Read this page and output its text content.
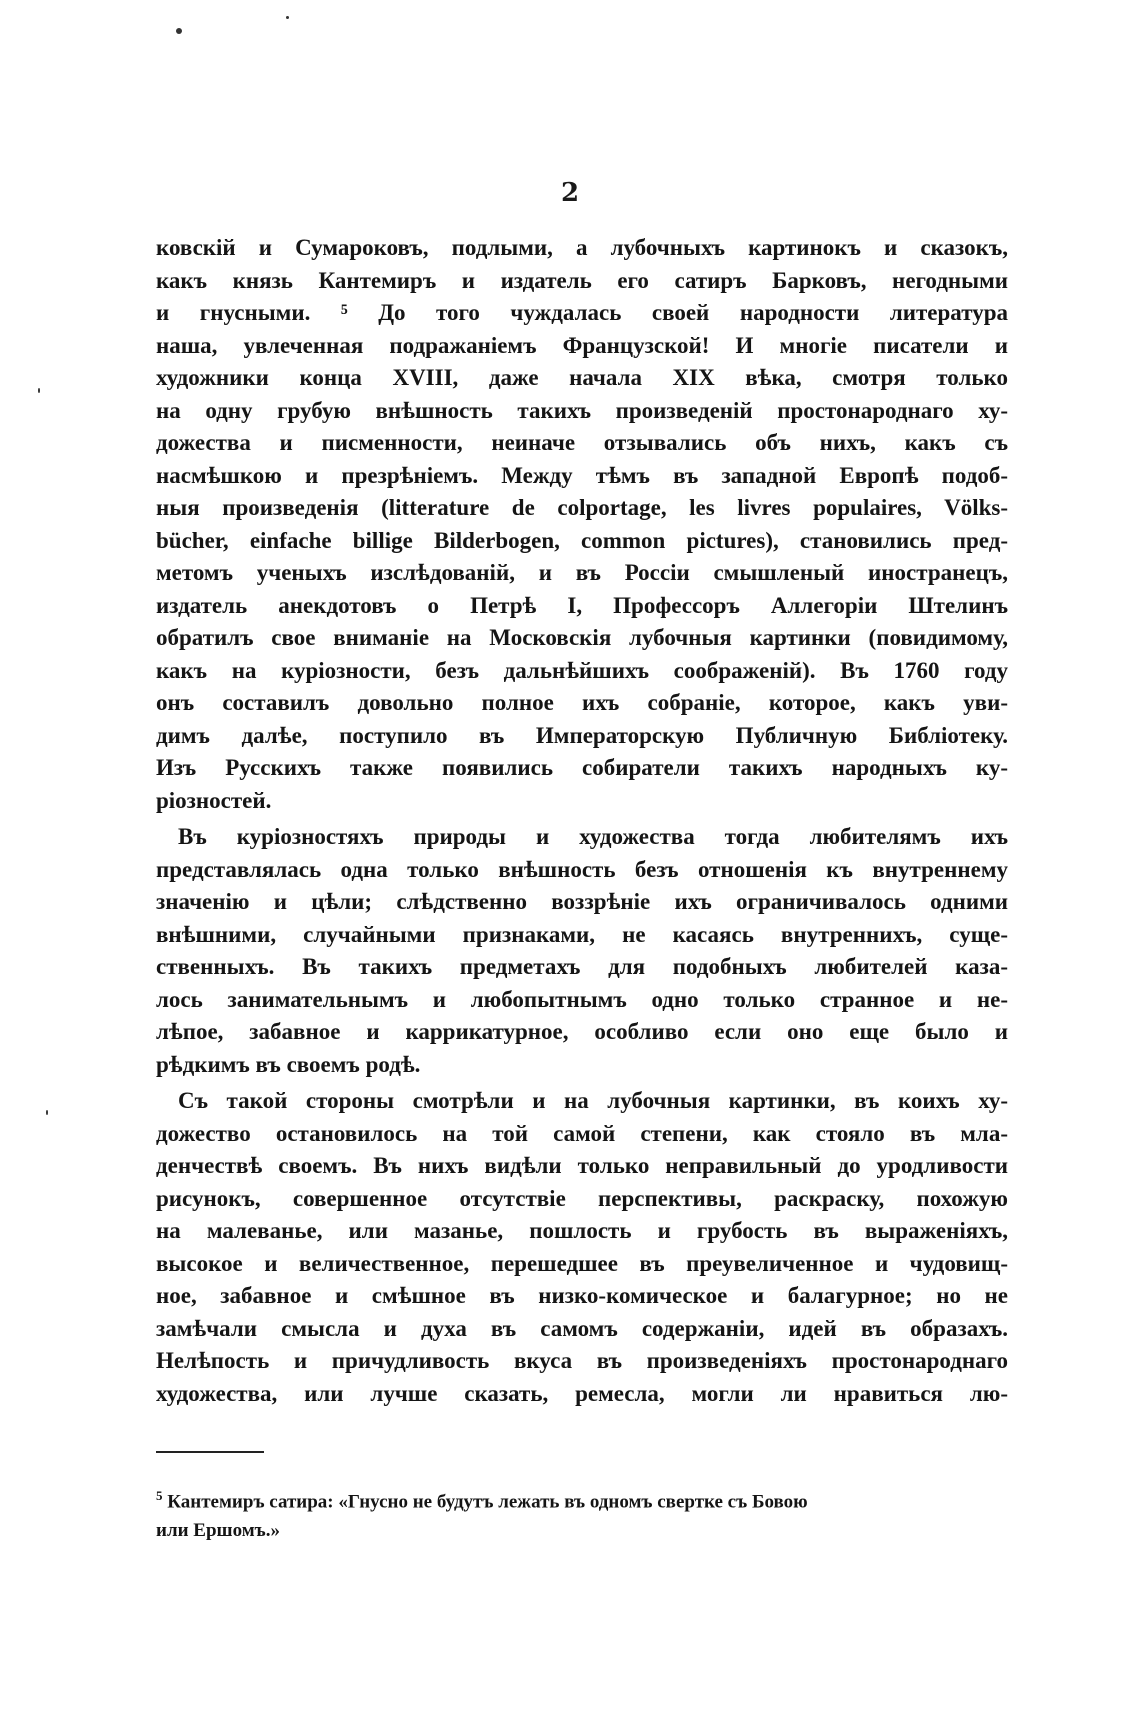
2
ковскій и Сумароковъ, подлыми, а лубочныхъ картинокъ и сказокъ,
какъ князь Кантемиръ и издатель его сатиръ Барковъ, негодными
и гнусными. ⁵ До того чуждалась своей народности литература
наша, увлеченная подражаніемъ Французской! И многіе писатели и
художники конца XVIII, даже начала XIX вѣка, смотря только
на одну грубую внѣшность такихъ произведеній простонароднаго ху-
дожества и писменности, неиначе отзывались объ нихъ, какъ съ
насмѣшкою и презрѣніемъ. Между тѣмъ въ западной Европѣ подоб-
ныя произведенія (litterature de colportage, les livres populaires, Völks-
bücher, einfache billige Bilderbogen, common pictures), становились пред-
метомъ ученыхъ изслѣдованій, и въ Россіи смышленый иностранецъ,
издатель анекдотовъ о Петрѣ I, Профессоръ Аллегоріи Штелинъ
обратилъ свое вниманіе на Московскія лубочныя картинки (повидимому,
какъ на куріозности, безъ дальнѣйшихъ соображеній). Въ 1760 году
онъ составилъ довольно полное ихъ собраніе, которое, какъ уви-
димъ далѣе, поступило въ Императорскую Публичную Библіотеку.
Изъ Русскихъ также появились собиратели такихъ народныхъ ку-
ріозностей.
Въ куріозностяхъ природы и художества тогда любителямъ ихъ
представлялась одна только внѣшность безъ отношенія къ внутреннему
значенію и цѣли; слѣдственно воззрѣніе ихъ ограничивалось одними
внѣшними, случайными признаками, не касаясь внутреннихъ, суще-
ственныхъ. Въ такихъ предметахъ для подобныхъ любителей каза-
лось занимательнымъ и любопытнымъ одно только странное и не-
лѣпое, забавное и каррикатурное, особливо если оно еще было и
рѣдкимъ въ своемъ родѣ.
Съ такой стороны смотрѣли и на лубочныя картинки, въ коихъ ху-
дожество остановилось на той самой степени, как стояло въ мла-
денчествѣ своемъ. Въ нихъ видѣли только неправильный до уродливости
рисунокъ, совершенное отсутствіе перспективы, раскраску, похожую
на малеванье, или мазанье, пошлость и грубость въ выраженіяхъ,
высокое и величественное, перешедшее въ преувеличенное и чудовищ-
ное, забавное и смѣшное въ низко-комическое и балагурное; но не
замѣчали смысла и духа въ самомъ содержаніи, идей въ образахъ.
Нелѣпость и причудливость вкуса въ произведеніяхъ простонароднаго
художества, или лучше сказать, ремесла, могли ли нравиться лю-
$^5$ Кантемиръ сатира: «Гнусно не будутъ лежать въ одномъ свертке съ Бовою
или Ершомъ.»
